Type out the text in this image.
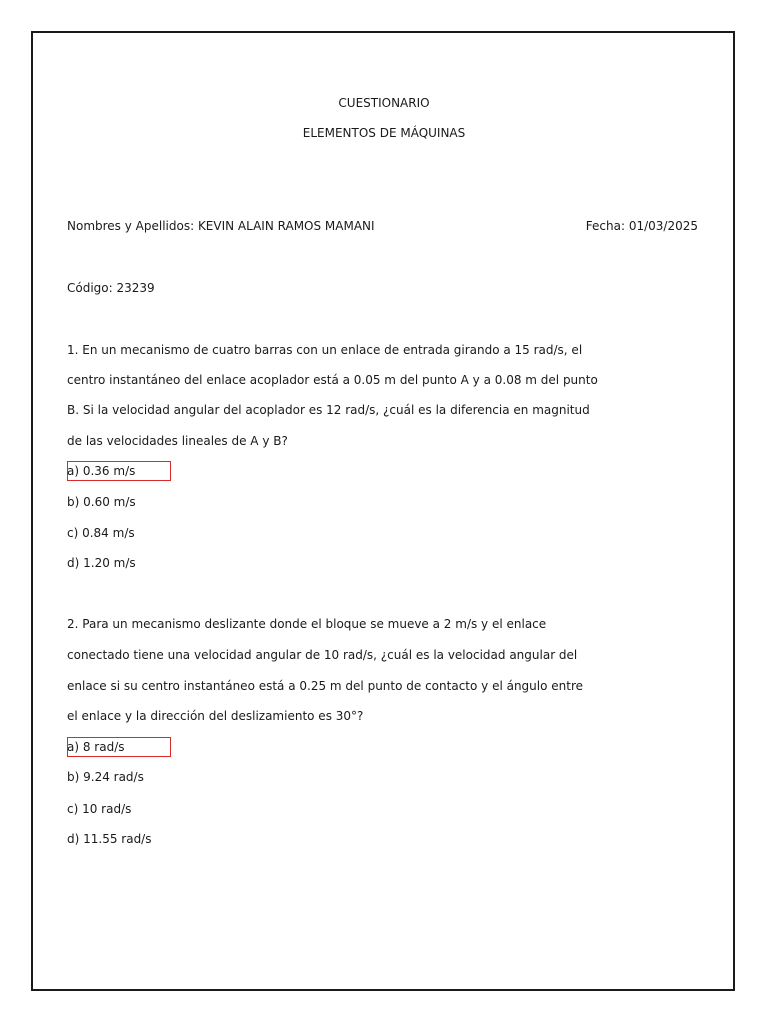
CUESTIONARIO
ELEMENTOS DE MÁQUINAS
Nombres y Apellidos: KEVIN ALAIN RAMOS MAMANI	Fecha: 01/03/2025
Código: 23239
1. En un mecanismo de cuatro barras con un enlace de entrada girando a 15 rad/s, el
centro instantáneo del enlace acoplador está a 0.05 m del punto A y a 0.08 m del punto
B. Si la velocidad angular del acoplador es 12 rad/s, ¿cuál es la diferencia en magnitud
de las velocidades lineales de A y B?
a) 0.36 m/s
b) 0.60 m/s
c) 0.84 m/s
d) 1.20 m/s
2. Para un mecanismo deslizante donde el bloque se mueve a 2 m/s y el enlace
conectado tiene una velocidad angular de 10 rad/s, ¿cuál es la velocidad angular del
enlace si su centro instantáneo está a 0.25 m del punto de contacto y el ángulo entre
el enlace y la dirección del deslizamiento es 30°?
a) 8 rad/s
b) 9.24 rad/s
c) 10 rad/s
d) 11.55 rad/s
